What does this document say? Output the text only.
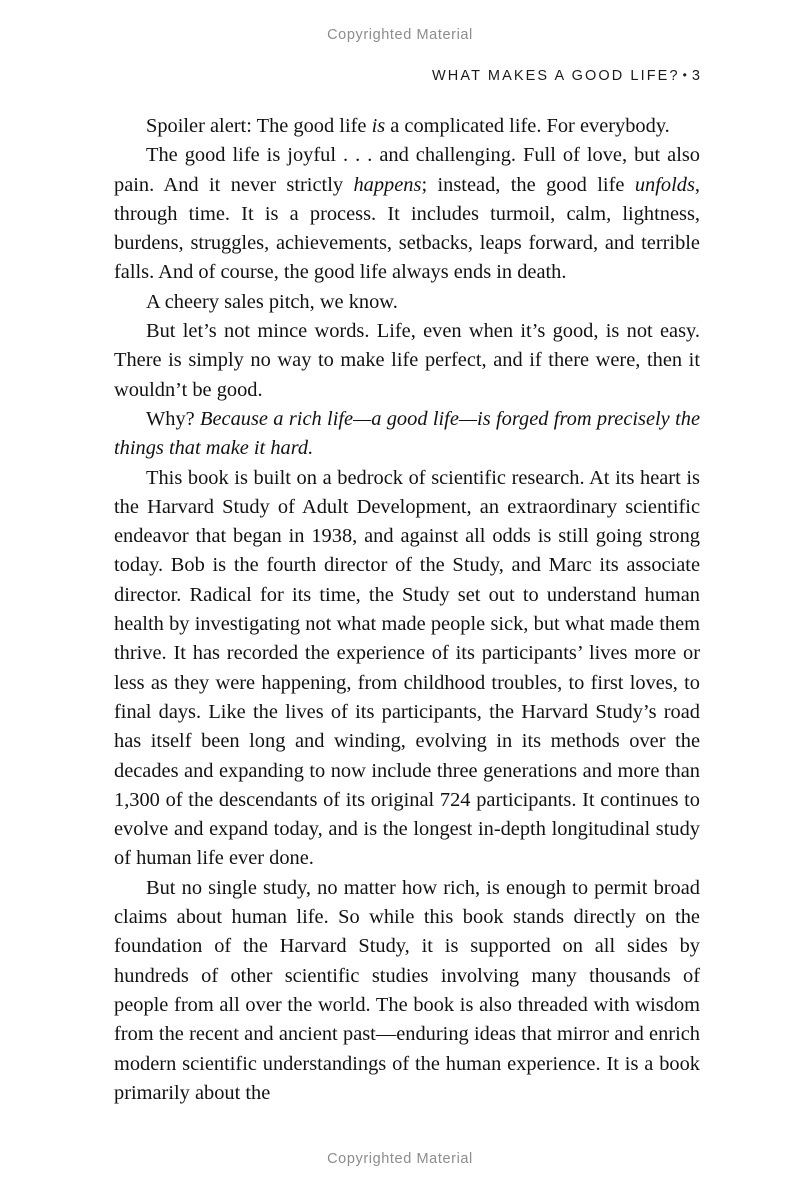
Copyrighted Material
WHAT MAKES A GOOD LIFE? • 3

Spoiler alert: The good life is a complicated life. For everybody.

The good life is joyful . . . and challenging. Full of love, but also pain. And it never strictly happens; instead, the good life unfolds, through time. It is a process. It includes turmoil, calm, lightness, burdens, struggles, achievements, setbacks, leaps forward, and terrible falls. And of course, the good life always ends in death.

A cheery sales pitch, we know.

But let’s not mince words. Life, even when it’s good, is not easy. There is simply no way to make life perfect, and if there were, then it wouldn’t be good.

Why? Because a rich life—a good life—is forged from precisely the things that make it hard.

This book is built on a bedrock of scientific research. At its heart is the Harvard Study of Adult Development, an extraordinary scientific endeavor that began in 1938, and against all odds is still going strong today. Bob is the fourth director of the Study, and Marc its associate director. Radical for its time, the Study set out to understand human health by investigating not what made people sick, but what made them thrive. It has recorded the experience of its participants’ lives more or less as they were happening, from childhood troubles, to first loves, to final days. Like the lives of its participants, the Harvard Study’s road has itself been long and winding, evolving in its methods over the decades and expanding to now include three generations and more than 1,300 of the descendants of its original 724 participants. It continues to evolve and expand today, and is the longest in-depth longitudinal study of human life ever done.

But no single study, no matter how rich, is enough to permit broad claims about human life. So while this book stands directly on the foundation of the Harvard Study, it is supported on all sides by hundreds of other scientific studies involving many thousands of people from all over the world. The book is also threaded with wisdom from the recent and ancient past—enduring ideas that mirror and enrich modern scientific understandings of the human experience. It is a book primarily about the

Copyrighted Material
